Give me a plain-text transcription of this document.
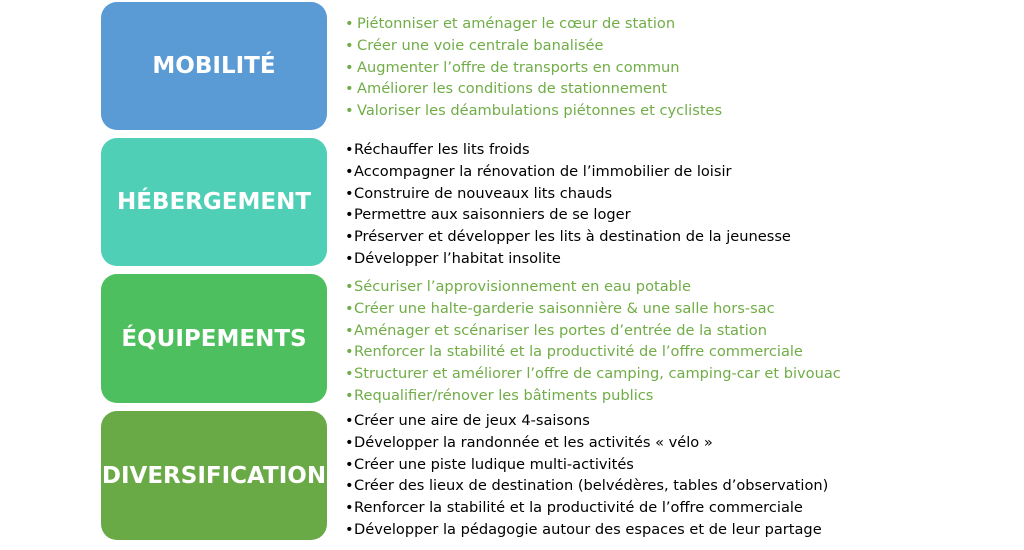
MOBILITÉ
• Piétonniser et aménager le cœur de station
• Créer une voie centrale banalisée
• Augmenter l’offre de transports en commun
• Améliorer les conditions de stationnement
• Valoriser les déambulations piétonnes et cyclistes
HÉBERGEMENT
•Réchauffer les lits froids
•Accompagner la rénovation de l’immobilier de loisir
•Construire de nouveaux lits chauds
•Permettre aux saisonniers de se loger
•Préserver et développer les lits à destination de la jeunesse
•Développer l’habitat insolite
ÉQUIPEMENTS
•Sécuriser l’approvisionnement en eau potable
•Créer une halte-garderie saisonnière & une salle hors-sac
•Aménager et scénariser les portes d’entrée de la station
•Renforcer la stabilité et la productivité de l’offre commerciale
•Structurer et améliorer l’offre de camping, camping-car et bivouac
•Requalifier/rénover les bâtiments publics
DIVERSIFICATION
•Créer une aire de jeux 4-saisons
•Développer la randonnée et les activités « vélo »
•Créer une piste ludique multi-activités
•Créer des lieux de destination (belvédères, tables d’observation)
•Renforcer la stabilité et la productivité de l’offre commerciale
•Développer la pédagogie autour des espaces et de leur partage
